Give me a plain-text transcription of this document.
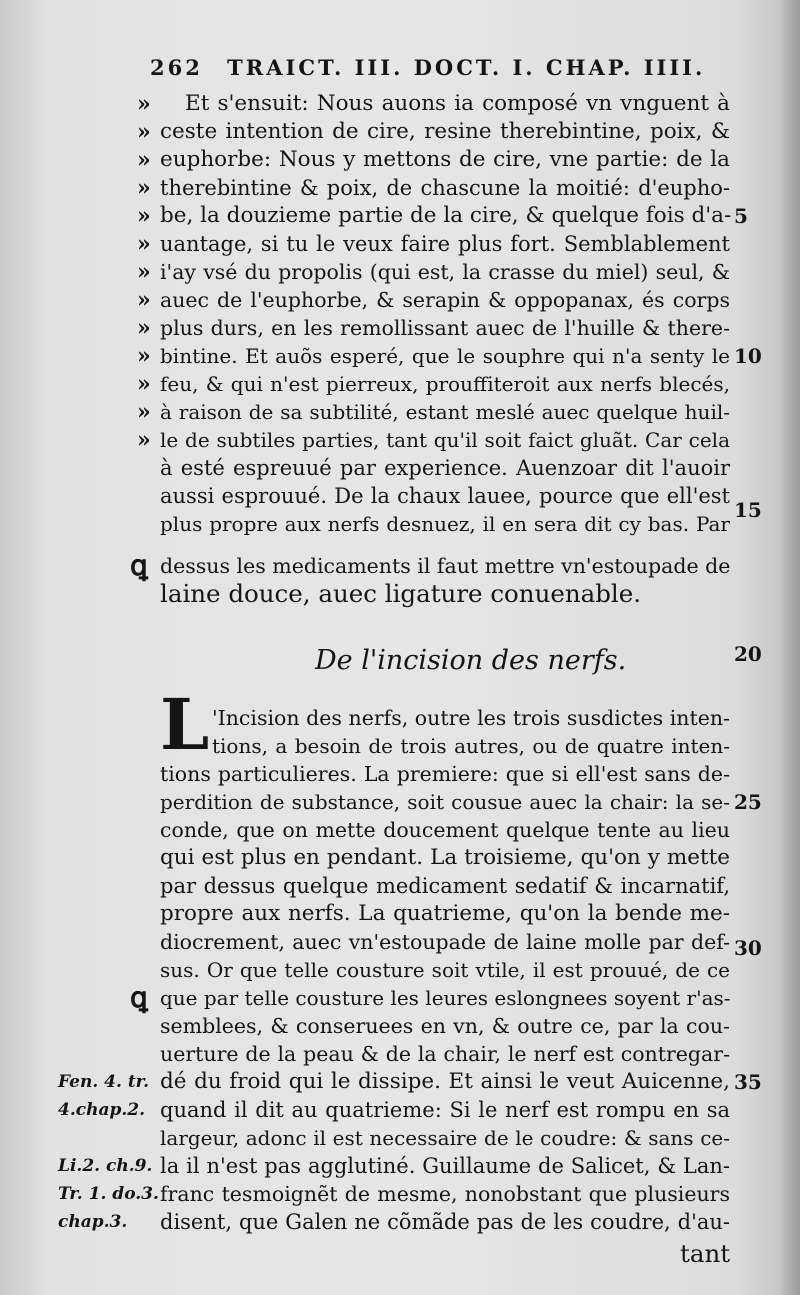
262 TRAICT. III. DOCT. I. CHAP. IIII.
»	Et s'ensuit: Nous auons ia composé vn vnguent à
» ceste intention de cire, resine therebintine, poix, &
» euphorbe: Nous y mettons de cire, vne partie: de la
» therebintine & poix, de chascune la moitié: d'eupho-
» be, la douzieme partie de la cire, & quelque fois d'a- 5
» uantage, si tu le veux faire plus fort. Semblablement
» i'ay vsé du propolis (qui est, la crasse du miel) seul, &
» auec de l'euphorbe, & serapin & oppopanax, és corps
» plus durs, en les remollissant auec de l'huille & there-
» bintine. Et auõs esperé, que le souphre qui n'a senty le 10
» feu, & qui n'est pierreux, prouffiteroit aux nerfs blecés,
» à raison de sa subtilité, estant meslé auec quelque huil-
» le de subtiles parties, tant qu'il soit faict gluãt. Car cela
à esté espreuué par experience. Auenzoar dit l'auoir
aussi esprouué. De la chaux lauee, pource que ell'est
15
plus propre aux nerfs desnuez, il en sera dit cy bas. Par
ꝗ dessus les medicaments il faut mettre vn'estoupade de
laine douce, auec ligature conuenable.
De l'incision des nerfs.	20
L 'Incision des nerfs, outre les trois susdictes inten-
tions, a besoin de trois autres, ou de quatre inten-
tions particulieres. La premiere: que si ell'est sans de-
perdition de substance, soit cousue auec la chair: la se- 25
conde, que on mette doucement quelque tente au lieu
qui est plus en pendant. La troisieme, qu'on y mette
par dessus quelque medicament sedatif & incarnatif,
propre aux nerfs. La quatrieme, qu'on la bende me-
diocrement, auec vn'estoupade de laine molle par def- 30
sus. Or que telle cousture soit vtile, il est prouué, de ce
ꝗ que par telle cousture les leures eslongnees soyent r'as-
semblees, & conseruees en vn, & outre ce, par la cou-
uerture de la peau & de la chair, le nerf est contregar-
Fen. 4. tr. dé du froid qui le dissipe. Et ainsi le veut Auicenne, 35
4.chap.2. quand il dit au quatrieme: Si le nerf est rompu en sa
largeur, adonc il est necessaire de le coudre: & sans ce-
Li.2. ch.9. la il n'est pas agglutiné. Guillaume de Salicet, & Lan-
Tr. 1. do.3. franc tesmoignẽt de mesme, nonobstant que plusieurs
chap.3.	disent, que Galen ne cõmãde pas de les coudre, d'au-
tant
